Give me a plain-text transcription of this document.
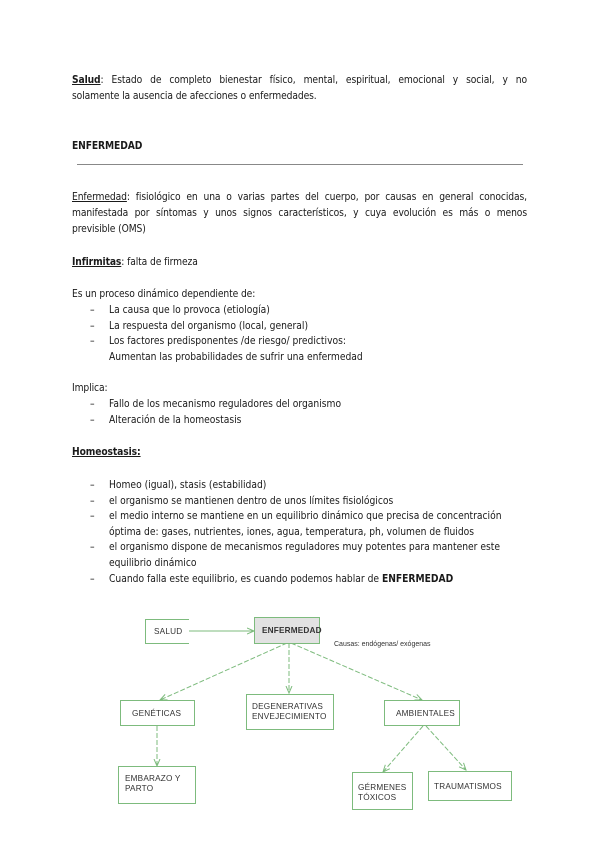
Salud: Estado de completo bienestar físico, mental, espiritual, emocional y social, y no
solamente la ausencia de afecciones o enfermedades.
ENFERMEDAD
Enfermedad: fisiológico en una o varias partes del cuerpo, por causas en general conocidas,
manifestada por síntomas y unos signos característicos, y cuya evolución es más o menos
previsible (OMS)
Infirmitas: falta de firmeza
Es un proceso dinámico dependiente de:
– La causa que lo provoca (etiología)
– La respuesta del organismo (local, general)
– Los factores predisponentes /de riesgo/ predictivos:
Aumentan las probabilidades de sufrir una enfermedad
Implica:
– Fallo de los mecanismo reguladores del organismo
– Alteración de la homeostasis
Homeostasis:
– Homeo (igual), stasis (estabilidad)
– el organismo se mantienen dentro de unos límites fisiológicos
– el medio interno se mantiene en un equilibrio dinámico que precisa de concentración
óptima de: gases, nutrientes, iones, agua, temperatura, ph, volumen de fluidos
– el organismo dispone de mecanismos reguladores muy potentes para mantener este
equilibrio dinámico
– Cuando falla este equilibrio, es cuando podemos hablar de ENFERMEDAD
SALUD	ENFERMEDAD
Causas: endógenas/ exógenas
GENÉTICAS
DEGENERATIVAS
ENVEJECIMIENTO	AMBIENTALES
EMBARAZO Y
PARTO	GÉRMENES
TÓXICOS
TRAUMATISMOS
